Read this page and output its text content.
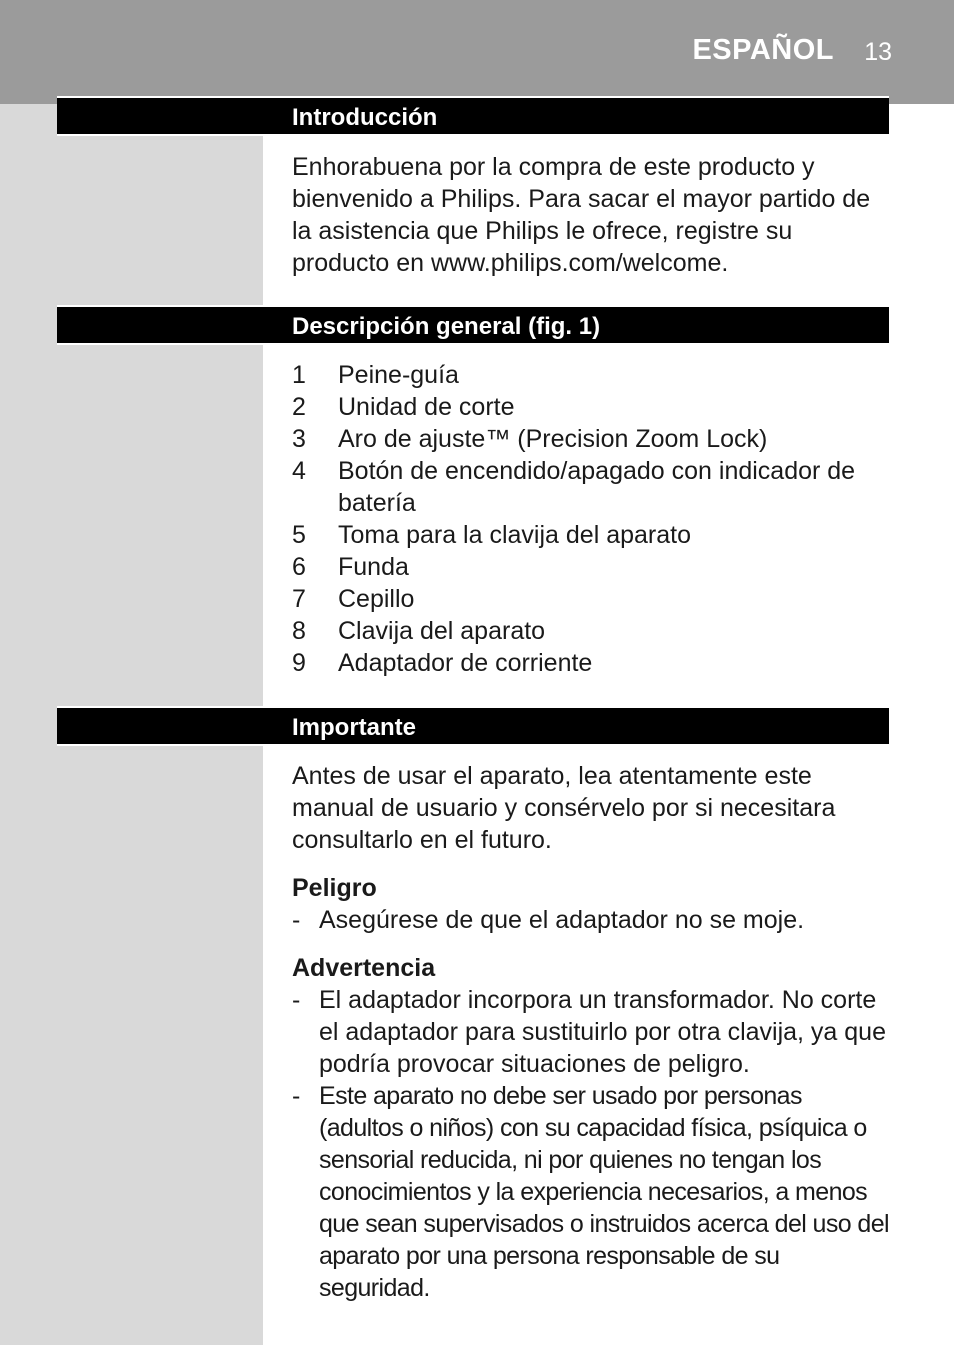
ESPAÑOL 13
Introducción

Enhorabuena por la compra de este producto y bienvenido a Philips. Para sacar el mayor partido de la asistencia que Philips le ofrece, registre su producto en www.philips.com/welcome.

Descripción general (fig. 1)
1	Peine-guía
2	Unidad de corte
3	Aro de ajuste™ (Precision Zoom Lock)
4	Botón de encendido/apagado con indicador de batería
5	Toma para la clavija del aparato
6	Funda
7	Cepillo
8	Clavija del aparato
9	Adaptador de corriente
Importante

Antes de usar el aparato, lea atentamente este manual de usuario y consérvelo por si necesitara consultarlo en el futuro.

Peligro

- Asegúrese de que el adaptador no se moje.

Advertencia

- El adaptador incorpora un transformador. No corte el adaptador para sustituirlo por otra clavija, ya que podría provocar situaciones de peligro.
- Este aparato no debe ser usado por personas (adultos o niños) con su capacidad física, psíquica o sensorial reducida, ni por quienes no tengan los conocimientos y la experiencia necesarios, a menos que sean supervisados o instruidos acerca del uso del aparato por una persona responsable de su seguridad.
